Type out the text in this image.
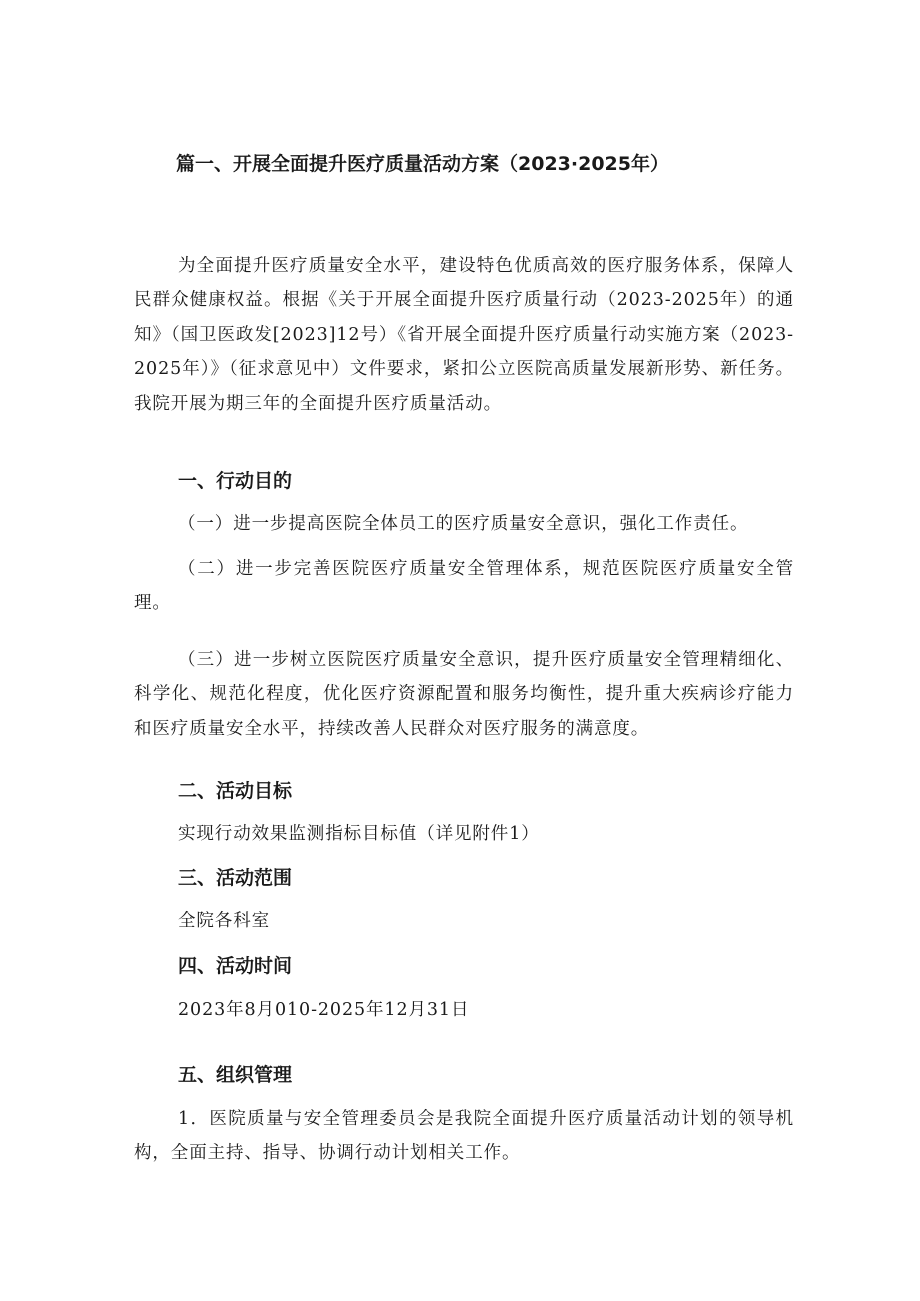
篇一、开展全面提升医疗质量活动方案（2023·2025年）

为全面提升医疗质量安全水平，建设特色优质高效的医疗服务体系，保障人民群众健康权益。根据《关于开展全面提升医疗质量行动（2023-2025年）的通知》（国卫医政发[2023]12号）《省开展全面提升医疗质量行动实施方案（2023-2025年）》（征求意见中）文件要求，紧扣公立医院高质量发展新形势、新任务。我院开展为期三年的全面提升医疗质量活动。

一、行动目的

（一）进一步提高医院全体员工的医疗质量安全意识，强化工作责任。

（二）进一步完善医院医疗质量安全管理体系，规范医院医疗质量安全管理。

（三）进一步树立医院医疗质量安全意识，提升医疗质量安全管理精细化、科学化、规范化程度，优化医疗资源配置和服务均衡性，提升重大疾病诊疗能力和医疗质量安全水平，持续改善人民群众对医疗服务的满意度。

二、活动目标

实现行动效果监测指标目标值（详见附件1）

三、活动范围

全院各科室

四、活动时间

2023年8月010-2025年12月31日

五、组织管理

1．医院质量与安全管理委员会是我院全面提升医疗质量活动计划的领导机构，全面主持、指导、协调行动计划相关工作。
